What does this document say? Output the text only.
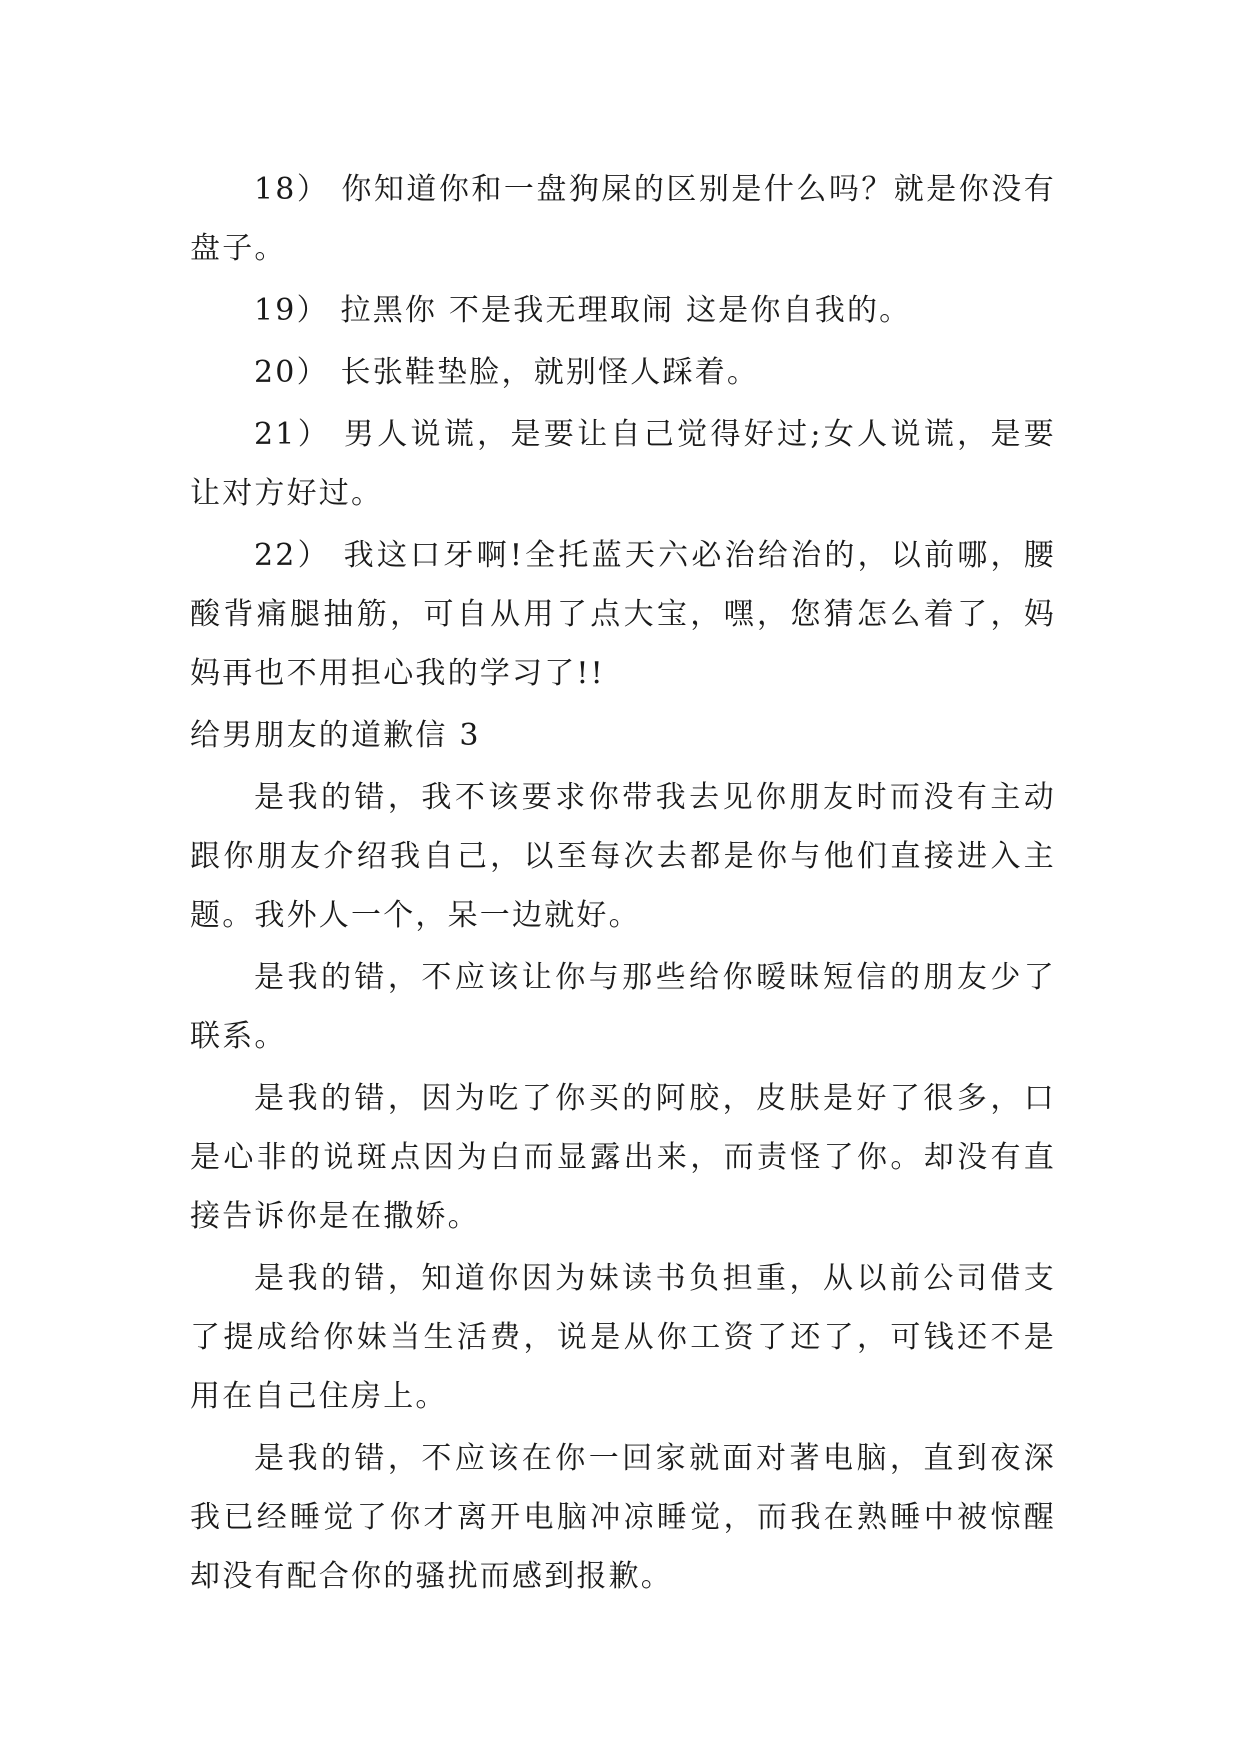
18） 你知道你和一盘狗屎的区别是什么吗？就是你没有盘子。

19） 拉黑你 不是我无理取闹 这是你自我的。

20） 长张鞋垫脸，就别怪人踩着。

21） 男人说谎，是要让自己觉得好过;女人说谎，是要让对方好过。

22） 我这口牙啊!全托蓝天六必治给治的，以前哪，腰酸背痛腿抽筋，可自从用了点大宝，嘿，您猜怎么着了，妈妈再也不用担心我的学习了!!

给男朋友的道歉信 3

是我的错，我不该要求你带我去见你朋友时而没有主动跟你朋友介绍我自己，以至每次去都是你与他们直接进入主题。我外人一个，呆一边就好。

是我的错，不应该让你与那些给你暧昧短信的朋友少了联系。

是我的错，因为吃了你买的阿胶，皮肤是好了很多，口是心非的说斑点因为白而显露出来，而责怪了你。却没有直接告诉你是在撒娇。

是我的错，知道你因为妹读书负担重，从以前公司借支了提成给你妹当生活费，说是从你工资了还了，可钱还不是用在自己住房上。

是我的错，不应该在你一回家就面对著电脑，直到夜深我已经睡觉了你才离开电脑冲凉睡觉，而我在熟睡中被惊醒却没有配合你的骚扰而感到报歉。
